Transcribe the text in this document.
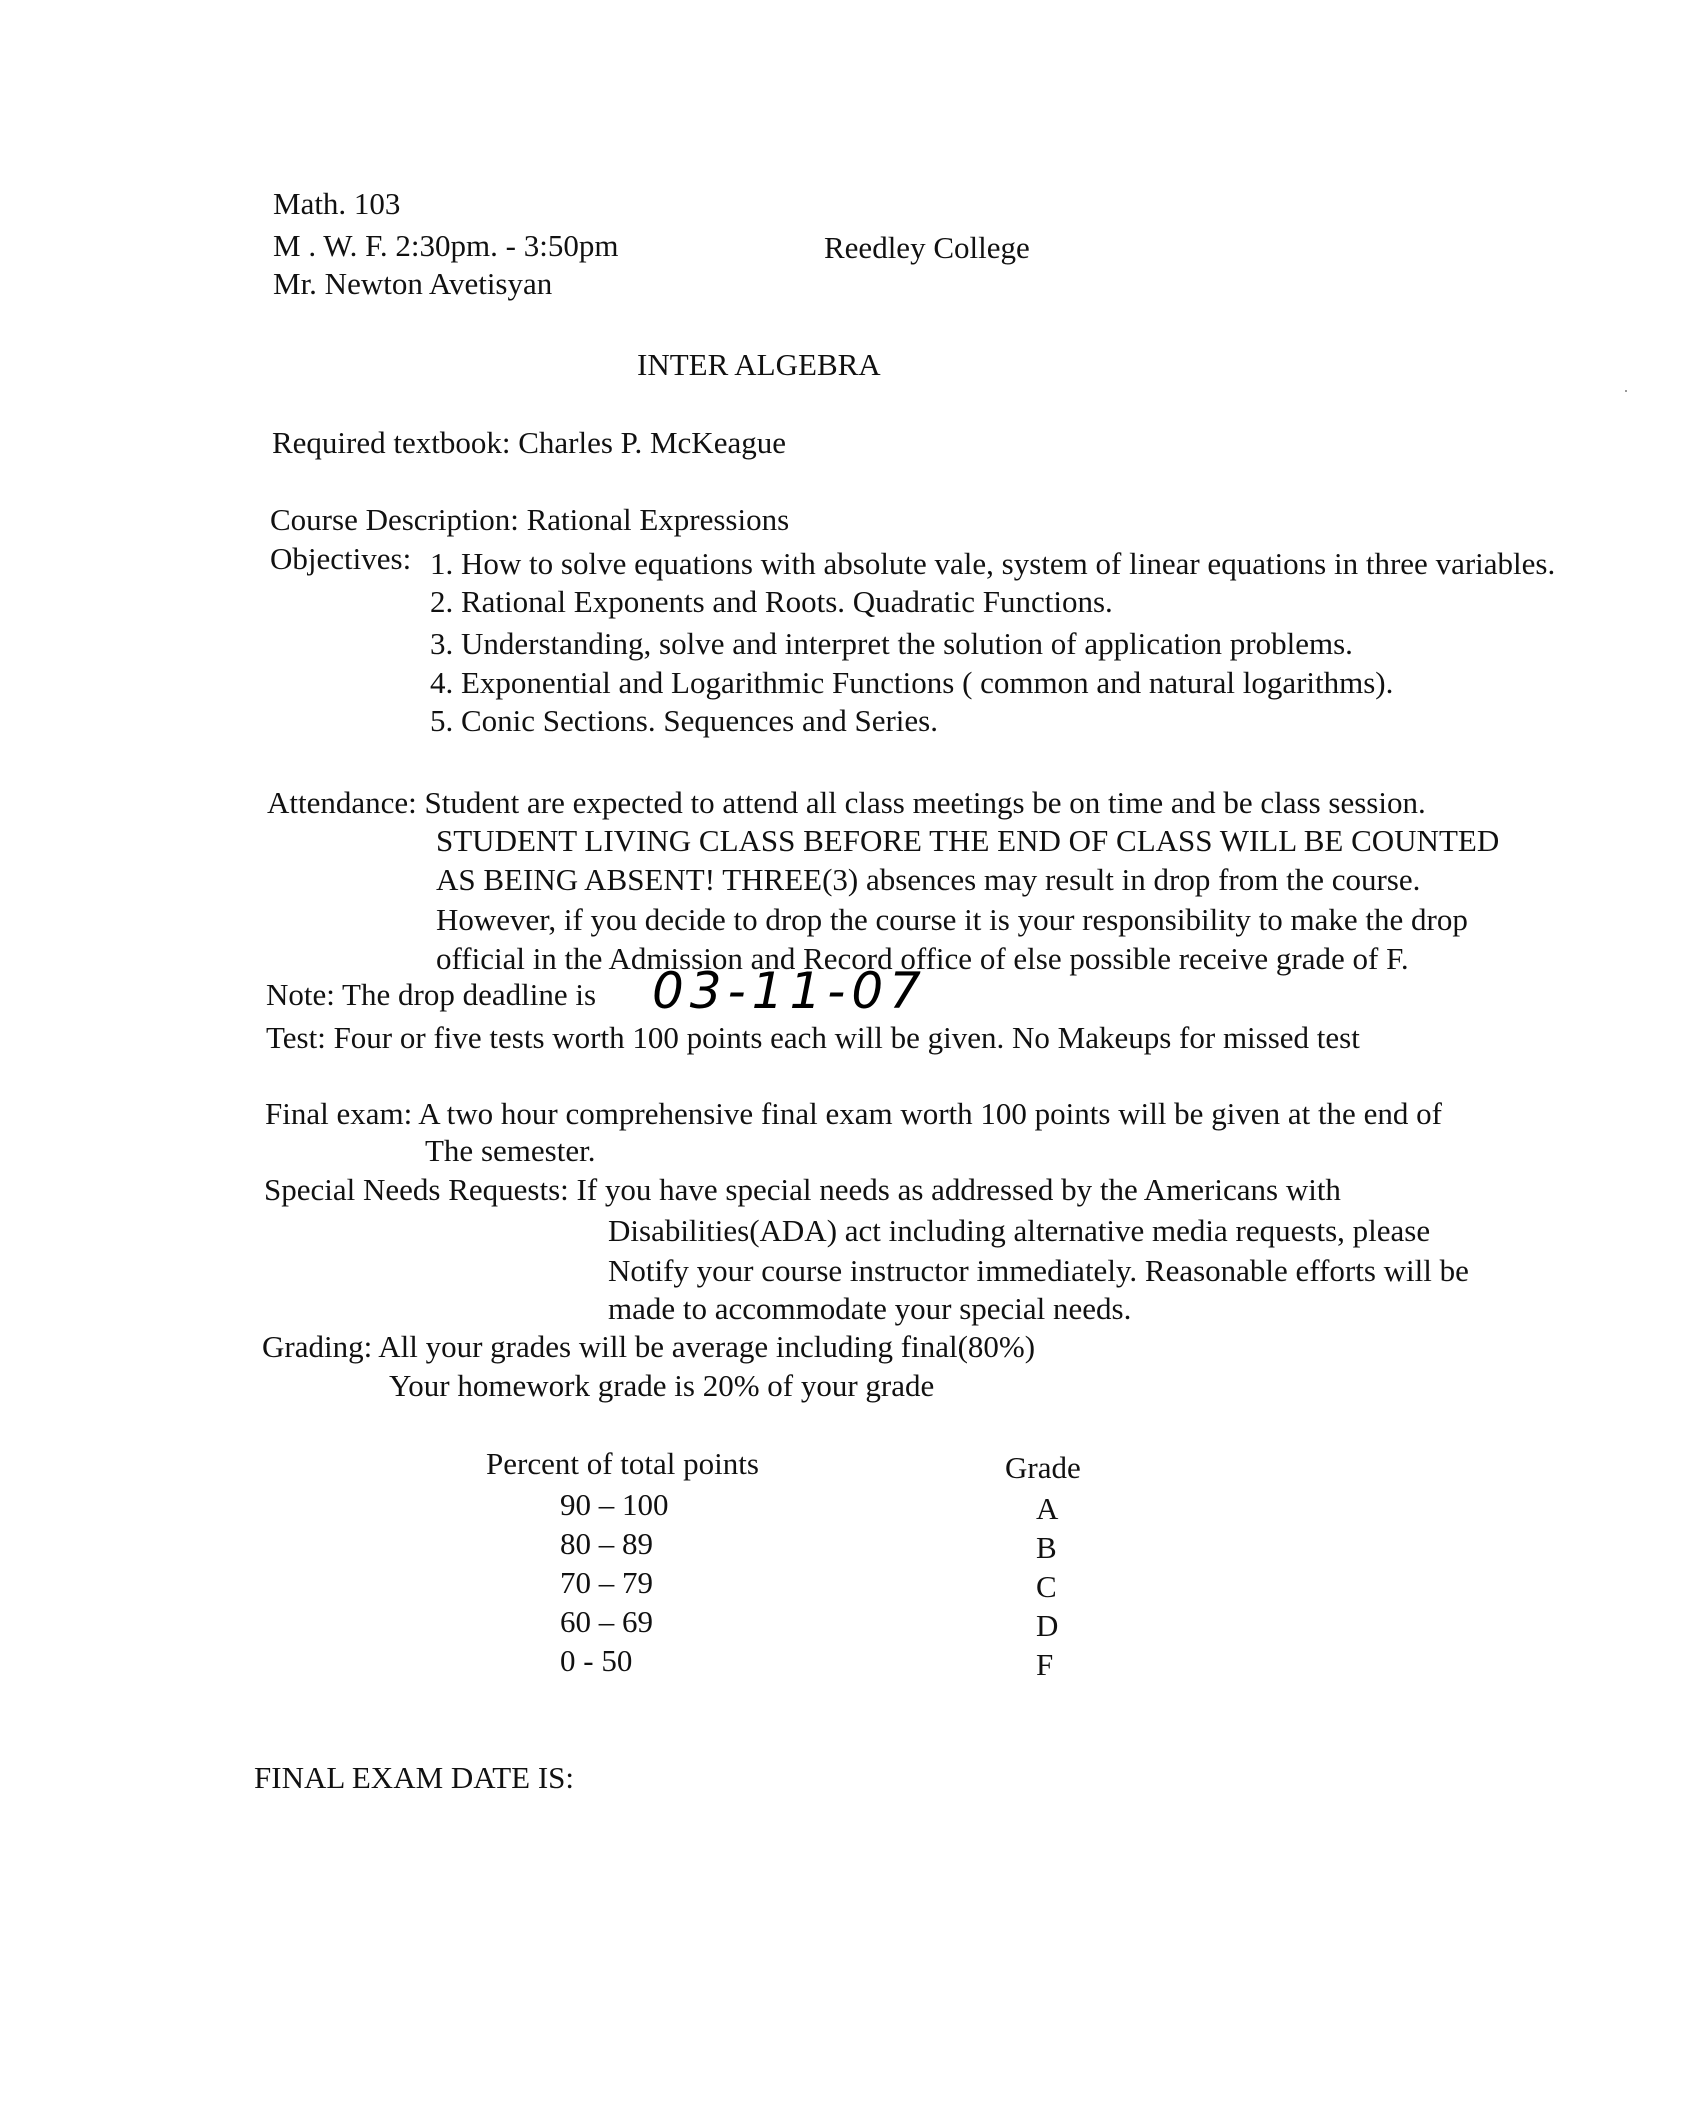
Math. 103
M . W. F. 2:30pm. - 3:50pm	Reedley College
Mr. Newton Avetisyan
INTER ALGEBRA
Required textbook: Charles P. McKeague
Course Description: Rational Expressions
Objectives: 1. How to solve equations with absolute vale, system of linear equations in three variables.
2. Rational Exponents and Roots. Quadratic Functions.
3. Understanding, solve and interpret the solution of application problems.
4. Exponential and Logarithmic Functions ( common and natural logarithms).
5. Conic Sections. Sequences and Series.
Attendance: Student are expected to attend all class meetings be on time and be class session.
STUDENT LIVING CLASS BEFORE THE END OF CLASS WILL BE COUNTED
AS BEING ABSENT! THREE(3) absences may result in drop from the course.
However, if you decide to drop the course it is your responsibility to make the drop
official in the Admission and Record office of else possible receive grade of F.
Note: The drop deadline is 03-11-07
Test: Four or five tests worth 100 points each will be given. No Makeups for missed test
Final exam: A two hour comprehensive final exam worth 100 points will be given at the end of
The semester.
Special Needs Requests: If you have special needs as addressed by the Americans with
Disabilities(ADA) act including alternative media requests, please
Notify your course instructor immediately. Reasonable efforts will be
made to accommodate your special needs.
Grading: All your grades will be average including final(80%)
Your homework grade is 20% of your grade
Percent of total points	Grade
90 – 100	A
80 – 89	B
70 – 79	C
60 – 69	D
0 - 50	F
FINAL EXAM DATE IS:
